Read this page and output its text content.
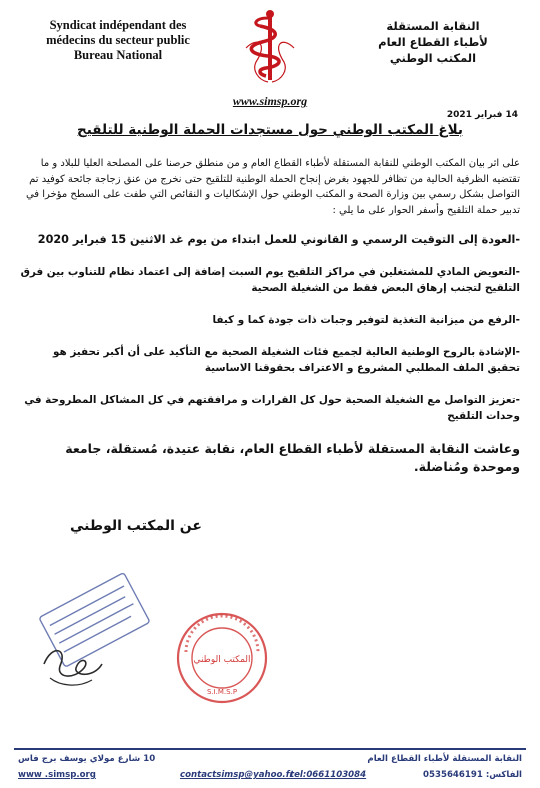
Syndicat indépendant des
médecins du secteur public
Bureau National
النقابة المستقلة
لأطباء القطاع العام
المكتب الوطني
www.simsp.org
14 فبراير 2021
بلاغ المكتب الوطني حول مستجدات الحملة الوطنية للتلقيح

على اثر بيان المكتب الوطني للنقابة المستقلة لأطباء القطاع العام و من منطلق حرصنا على المصلحة العليا للبلاد و ما تقتضيه الظرفية الحالية من تظافر للجهود بغرض إنجاح الحملة الوطنية للتلقيح حتى نخرج من عنق زجاجة جائحة كوفيد تم التواصل بشكل رسمي بين وزارة الصحة و المكتب الوطني حول الإشكاليات و النقائص التي طفت على السطح مؤخرا في تدبير حملة التلقيح وأسفر الحوار على ما يلي :

-العودة إلى التوقيت الرسمي و القانوني للعمل ابتداء من يوم غد الاثنين 15 فبراير 2020

-التعويض المادي للمشتغلين في مراكز التلقيح يوم السبت إضافة إلى اعتماد نظام للتناوب بين فرق التلقيح لتجنب إرهاق البعض فقط من الشغيلة الصحية

-الرفع من ميزانية التغذية لتوفير وجبات ذات جودة كما و كيفا

-الإشادة بالروح الوطنية العالية لجميع فئات الشغيلة الصحية مع التأكيد على أن أكبر تحفيز هو تحقيق الملف المطلبي المشروع و الاعتراف بحقوقنا الاساسية

-تعزيز التواصل مع الشغيلة الصحية حول كل القرارات و مرافقتهم في كل المشاكل المطروحة في وحدات التلقيح

وعاشت النقابة المستقلة لأطباء القطاع العام، نقابة عتيدة، مُستقلة، جامعة وموحدة ومُناضلة.

عن المكتب الوطني
المكتب الوطني
S.I.M.S.P
10 شارع مولاي يوسف برج فاس
www .simsp.org	contactsimsp@yahoo.fr
tel:0661103084
النقابة المستقلة لأطباء القطاع العام
الفاكس: 0535646191
